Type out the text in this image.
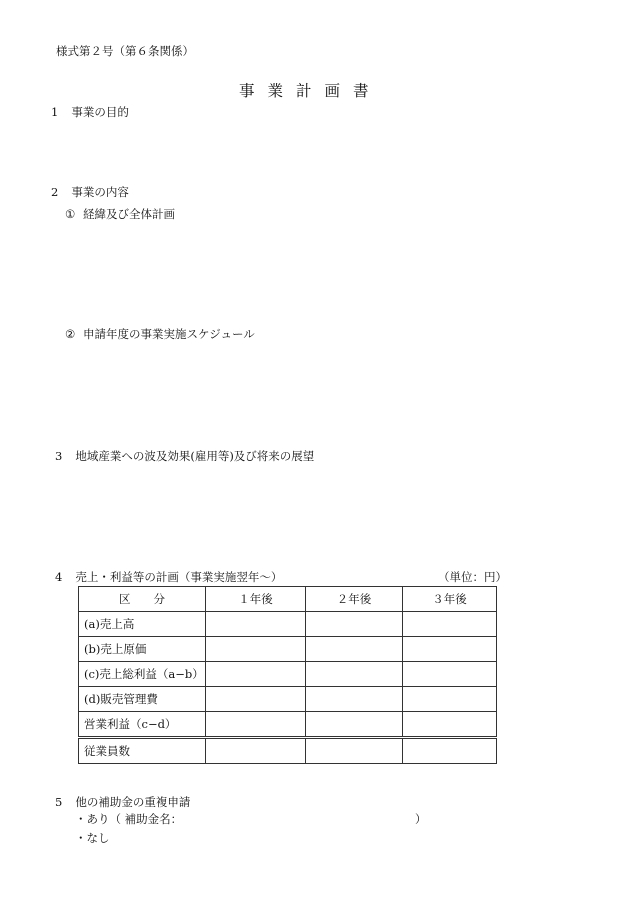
様式第２号（第６条関係）
事業計画書
1 事業の目的
2 事業の内容
① 経緯及び全体計画
② 申請年度の事業実施スケジュール
3 地域産業への波及効果(雇用等)及び将来の展望
4 売上・利益等の計画（事業実施翌年～）	（単位：円）
区　　分	１年後	２年後	３年後
(a)売上高			
(b)売上原価			
(c)売上総利益（a−b）			
(d)販売管理費			
営業利益（c−d）			
従業員数			
5 他の補助金の重複申請
・あり（ 補助金名：	）
・なし
